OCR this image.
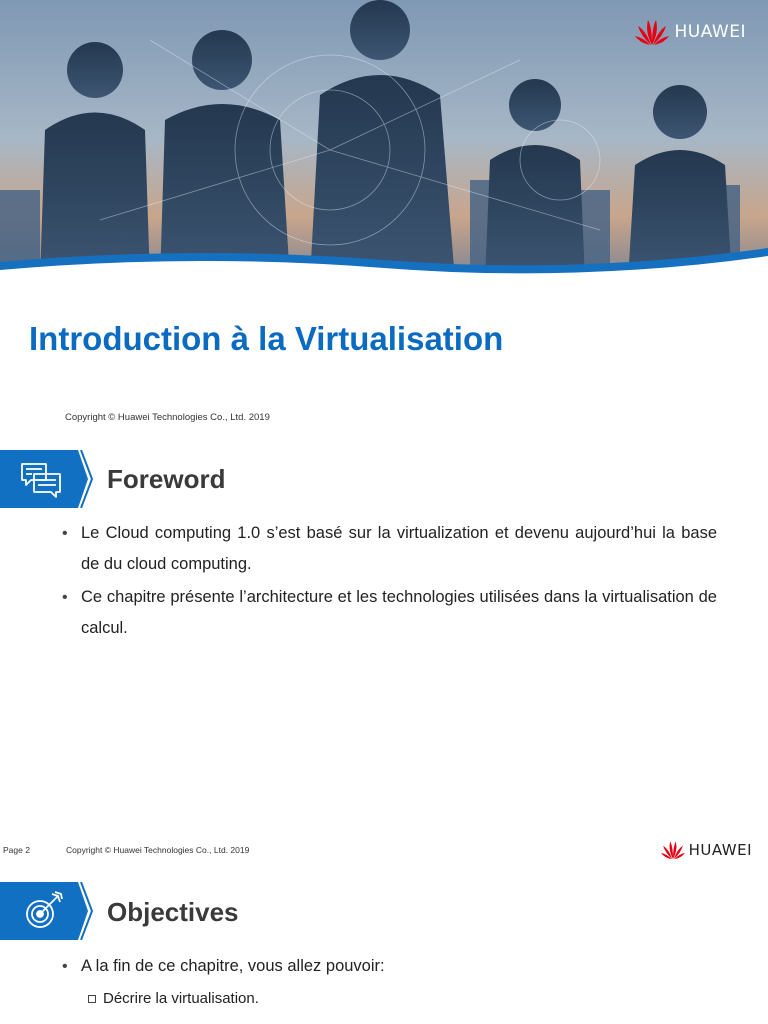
HUAWEI
Introduction à la Virtualisation
Copyright © Huawei Technologies Co., Ltd. 2019
Foreword
• Le Cloud computing 1.0 s’est basé sur la virtualization et devenu aujourd’hui la base de du cloud computing.
• Ce chapitre présente l’architecture et les technologies utilisées dans la virtualisation de calcul.
Page 2	Copyright © Huawei Technologies Co., Ltd. 2019	HUAWEI
Objectives
• A la fin de ce chapitre, vous allez pouvoir:
Décrire la virtualisation.
